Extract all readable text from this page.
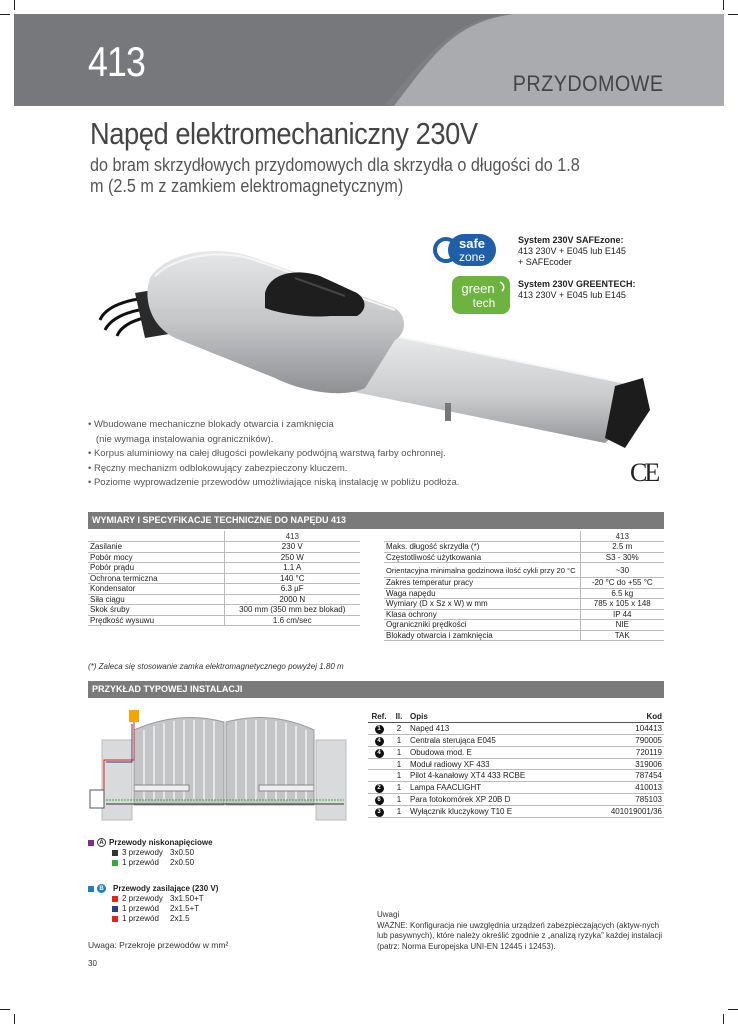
413	PRZYDOMOWE
Napęd elektromechaniczny 230V
do bram skrzydłowych przydomowych dla skrzydła o długości do 1.8 m (2.5 m z zamkiem elektromagnetycznym)
safe
zone
green
tech
System 230V SAFEzone:
413 230V + E045 lub E145 + SAFEcoder
System 230V GREENTECH:
413 230V + E045 lub E145
• Wbudowane mechaniczne blokady otwarcia i zamknięcia
(nie wymaga instalowania ograniczników).
• Korpus aluminiowy na całej długości powlekany podwójną warstwą farby ochronnej.
• Ręczny mechanizm odblokowujący zabezpieczony kluczem.
• Poziome wyprowadzenie przewodów umożliwiające niską instalację w pobliżu podłoża.	CE
WYMIARY I SPECYFIKACJE TECHNICZNE DO NAPĘDU 413
	413
Zasilanie	230 V
Pobór mocy	250 W
Pobór prądu	1.1 A
Ochrona termiczna	140 °C
Kondensator	6.3 µF
Siła ciągu	2000 N
Skok śruby	300 mm (350 mm bez blokad)
Prędkość wysuwu	1.6 cm/sec
	413
Maks. długość skrzydła (*)	2.5 m
Częstotliwość użytkowania	S3 - 30%
Orientacyjna minimalna godzinowa ilość cykli przy 20 °C	~30
Zakres temperatur pracy	-20 °C do +55 °C
Waga napędu	6.5 kg
Wymiary (D x Sz x W) w mm	785 x 105 x 148
Klasa ochrony	IP 44
Ograniczniki prędkości	NIE
Blokady otwarcia i zamknięcia	TAK
(*) Zaleca się stosowanie zamka elektromagnetycznego powyżej 1.80 m
PRZYKŁAD TYPOWEJ INSTALACJI
Ref.	Il.	Opis	Kod
1	2	Napęd 413	104413
4	1	Centrala sterująca E045	790005
4	1	Obudowa mod. E	720119
	1	Moduł radiowy XF 433	319006
	1	Pilot 4-kanałowy XT4 433 RCBE	787454
2	1	Lampa FAACLIGHT	410013
6	1	Para fotokomórek XP 20B D	785103
3	1	Wyłącznik kluczykowy T10 E	401019001/36
A Przewody niskonapięciowe
3 przewody 3x0.50
1 przewód	2x0.50
B Przewody zasilające (230 V)
2 przewody 3x1.50+T
1 przewód	2x1.5+T
1 przewód	2x1.5	Uwagi
WAŻNE: Konfiguracja nie uwzględnia urządzeń zabezpieczających (aktyw-nych lub pasywnych), które należy określić zgodnie z „analizą ryzyka” każdej instalacji (patrz: Norma Europejska UNI-EN 12445 i 12453).
Uwaga: Przekroje przewodów w mm²
30
